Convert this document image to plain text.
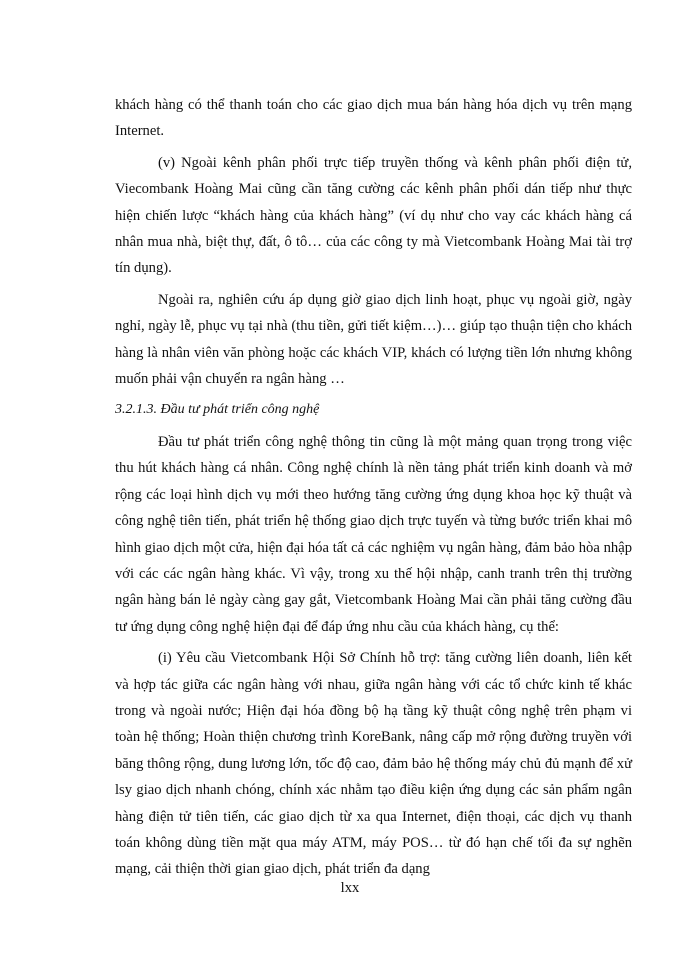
khách hàng có thể thanh toán cho các giao dịch mua bán hàng hóa dịch vụ trên mạng Internet.

(v) Ngoài kênh phân phối trực tiếp truyền thống và kênh phân phối điện tử, Viecombank Hoàng Mai cũng cần tăng cường các kênh phân phối dán tiếp như thực hiện chiến lược “khách hàng của khách hàng” (ví dụ như cho vay các khách hàng cá nhân mua nhà, biệt thự, đất, ô tô… của các công ty mà Vietcombank Hoàng Mai tài trợ tín dụng).

Ngoài ra, nghiên cứu áp dụng giờ giao dịch linh hoạt, phục vụ ngoài giờ, ngày nghỉ, ngày lễ, phục vụ tại nhà (thu tiền, gửi tiết kiệm…)… giúp tạo thuận tiện cho khách hàng là nhân viên văn phòng hoặc các khách VIP, khách có lượng tiền lớn nhưng không muốn phải vận chuyển ra ngân hàng …

3.2.1.3. Đầu tư phát triển công nghệ

Đầu tư phát triển công nghệ thông tin cũng là một mảng quan trọng trong việc thu hút khách hàng cá nhân. Công nghệ chính là nền tảng phát triển kinh doanh và mở rộng các loại hình dịch vụ mới theo hướng tăng cường ứng dụng khoa học kỹ thuật và công nghệ tiên tiến, phát triển hệ thống giao dịch trực tuyến và từng bước triển khai mô hình giao dịch một cửa, hiện đại hóa tất cả các nghiệm vụ ngân hàng, đảm bảo hòa nhập với các các ngân hàng khác. Vì vậy, trong xu thế hội nhập, canh tranh trên thị trường ngân hàng bán lẻ ngày càng gay gắt, Vietcombank Hoàng Mai cần phải tăng cường đầu tư ứng dụng công nghệ hiện đại để đáp ứng nhu cầu của khách hàng, cụ thể:

(i) Yêu cầu Vietcombank Hội Sở Chính hỗ trợ: tăng cường liên doanh, liên kết và hợp tác giữa các ngân hàng với nhau, giữa ngân hàng với các tổ chức kinh tế khác trong và ngoài nước; Hiện đại hóa đồng bộ hạ tầng kỹ thuật công nghệ trên phạm vi toàn hệ thống; Hoàn thiện chương trình KoreBank, nâng cấp mở rộng đường truyền với băng thông rộng, dung lương lớn, tốc độ cao, đảm bảo hệ thống máy chủ đủ mạnh để xử lsy giao dịch nhanh chóng, chính xác nhằm tạo điều kiện ứng dụng các sản phẩm ngân hàng điện tử tiên tiến, các giao dịch từ xa qua Internet, điện thoại, các dịch vụ thanh toán không dùng tiền mặt qua máy ATM, máy POS… từ đó hạn chế tối đa sự nghẽn mạng, cải thiện thời gian giao dịch, phát triển đa dạng

lxx
